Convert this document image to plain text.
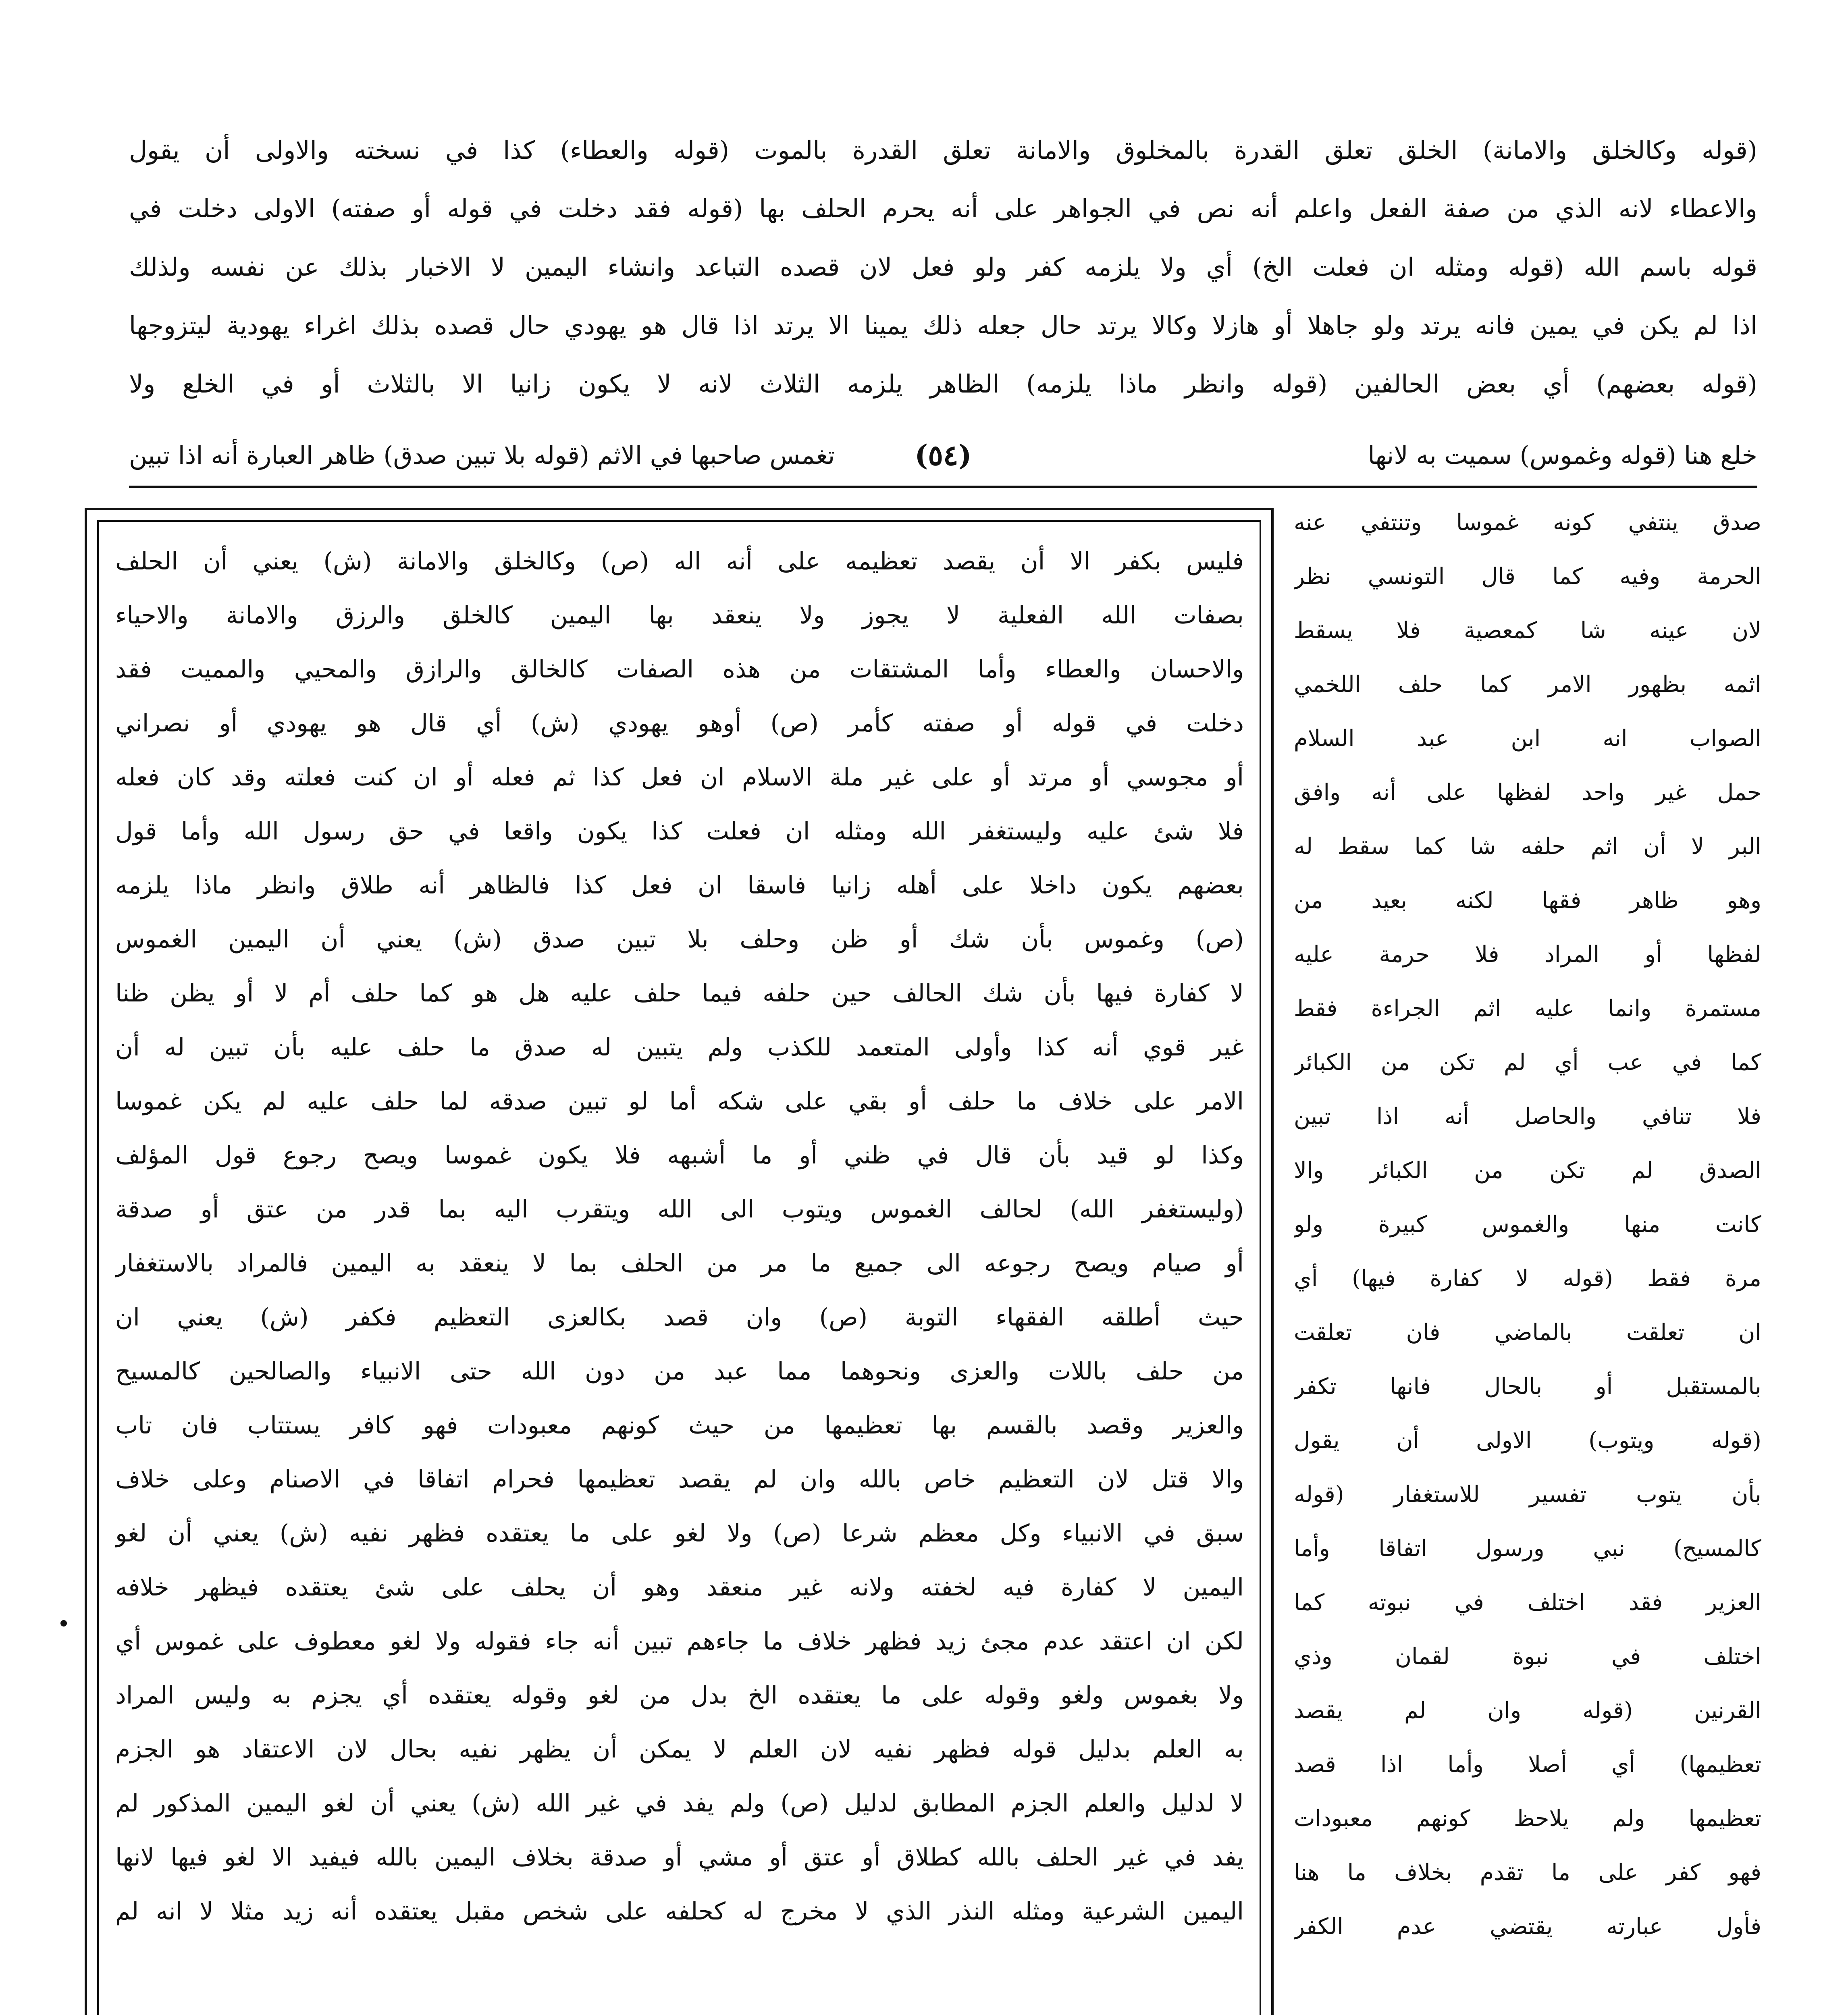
(قوله وكالخلق والامانة) الخلق تعلق القدرة بالمخلوق والامانة تعلق القدرة بالموت (قوله والعطاء) كذا في نسخته والاولى أن يقول
والاعطاء لانه الذي من صفة الفعل واعلم أنه نص في الجواهر على أنه يحرم الحلف بها (قوله فقد دخلت في قوله أو صفته) الاولى دخلت في
قوله باسم الله (قوله ومثله ان فعلت الخ) أي ولا يلزمه كفر ولو فعل لان قصده التباعد وانشاء اليمين لا الاخبار بذلك عن نفسه ولذلك
اذا لم يكن في يمين فانه يرتد ولو جاهلا أو هازلا وكالا يرتد حال جعله ذلك يمينا الا يرتد اذا قال هو يهودي حال قصده بذلك اغراء يهودية ليتزوجها
(قوله بعضهم) أي بعض الحالفين (قوله وانظر ماذا يلزمه) الظاهر يلزمه الثلاث لانه لا يكون زانيا الا بالثلاث أو في الخلع ولا
خلع هنا (قوله وغموس) سميت به لانها
(٥٤)
تغمس صاحبها في الاثم (قوله بلا تبين صدق) ظاهر العبارة أنه اذا تبين
فليس بكفر الا أن يقصد تعظيمه على أنه اله (ص) وكالخلق والامانة (ش) يعني أن الحلف
بصفات الله الفعلية لا يجوز ولا ينعقد بها اليمين كالخلق والرزق والامانة والاحياء
والاحسان والعطاء وأما المشتقات من هذه الصفات كالخالق والرازق والمحيي والمميت فقد
دخلت في قوله أو صفته كأمر (ص) أوهو يهودي (ش) أي قال هو يهودي أو نصراني
أو مجوسي أو مرتد أو على غير ملة الاسلام ان فعل كذا ثم فعله أو ان كنت فعلته وقد كان فعله
فلا شئ عليه وليستغفر الله ومثله ان فعلت كذا يكون واقعا في حق رسول الله وأما قول
بعضهم يكون داخلا على أهله زانيا فاسقا ان فعل كذا فالظاهر أنه طلاق وانظر ماذا يلزمه
(ص) وغموس بأن شك أو ظن وحلف بلا تبين صدق (ش) يعني أن اليمين الغموس
لا كفارة فيها بأن شك الحالف حين حلفه فيما حلف عليه هل هو كما حلف أم لا أو يظن ظنا
غير قوي أنه كذا وأولى المتعمد للكذب ولم يتبين له صدق ما حلف عليه بأن تبين له أن
الامر على خلاف ما حلف أو بقي على شكه أما لو تبين صدقه لما حلف عليه لم يكن غموسا
وكذا لو قيد بأن قال في ظني أو ما أشبهه فلا يكون غموسا ويصح رجوع قول المؤلف
(وليستغفر الله) لحالف الغموس ويتوب الى الله ويتقرب اليه بما قدر من عتق أو صدقة
أو صيام ويصح رجوعه الى جميع ما مر من الحلف بما لا ينعقد به اليمين فالمراد بالاستغفار
حيث أطلقه الفقهاء التوبة (ص) وان قصد بكالعزى التعظيم فكفر (ش) يعني ان
من حلف باللات والعزى ونحوهما مما عبد من دون الله حتى الانبياء والصالحين كالمسيح
والعزير وقصد بالقسم بها تعظيمها من حيث كونهم معبودات فهو كافر يستتاب فان تاب
والا قتل لان التعظيم خاص بالله وان لم يقصد تعظيمها فحرام اتفاقا في الاصنام وعلى خلاف
سبق في الانبياء وكل معظم شرعا (ص) ولا لغو على ما يعتقده فظهر نفيه (ش) يعني أن لغو
اليمين لا كفارة فيه لخفته ولانه غير منعقد وهو أن يحلف على شئ يعتقده فيظهر خلافه
لكن ان اعتقد عدم مجئ زيد فظهر خلاف ما جاءهم تبين أنه جاء فقوله ولا لغو معطوف على غموس أي
ولا بغموس ولغو وقوله على ما يعتقده الخ بدل من لغو وقوله يعتقده أي يجزم به وليس المراد
به العلم بدليل قوله فظهر نفيه لان العلم لا يمكن أن يظهر نفيه بحال لان الاعتقاد هو الجزم
لا لدليل والعلم الجزم المطابق لدليل (ص) ولم يفد في غير الله (ش) يعني أن لغو اليمين المذكور لم
يفد في غير الحلف بالله كطلاق أو عتق أو مشي أو صدقة بخلاف اليمين بالله فيفيد الا لغو فيها لانها
اليمين الشرعية ومثله النذر الذي لا مخرج له كحلفه على شخص مقبل يعتقده أنه زيد مثلا لا انه لم
صدق ينتفي كونه غموسا وتنتفي عنه
الحرمة وفيه كما قال التونسي نظر
لان عينه شا كمعصية فلا يسقط
اثمه بظهور الامر كما حلف اللخمي
الصواب انه ابن عبد السلام
حمل غير واحد لفظها على أنه وافق
البر لا أن اثم حلفه شا كما سقط له
وهو ظاهر فقها لكنه بعيد من
لفظها أو المراد فلا حرمة عليه
مستمرة وانما عليه اثم الجراءة فقط
كما في عب أي لم تكن من الكبائر
فلا تنافي والحاصل أنه اذا تبين
الصدق لم تكن من الكبائر والا
كانت منها والغموس كبيرة ولو
مرة فقط (قوله لا كفارة فيها) أي
ان تعلقت بالماضي فان تعلقت
بالمستقبل أو بالحال فانها تكفر
(قوله ويتوب) الاولى أن يقول
بأن يتوب تفسير للاستغفار (قوله
كالمسيح) نبي ورسول اتفاقا وأما
العزير فقد اختلف في نبوته كما
اختلف في نبوة لقمان وذي
القرنين (قوله وان لم يقصد
تعظيمها) أي أصلا وأما اذا قصد
تعظيمها ولم يلاحظ كونهم معبودات
فهو كفر على ما تقدم بخلاف ما هنا
فأول عبارته يقتضي عدم الكفر
